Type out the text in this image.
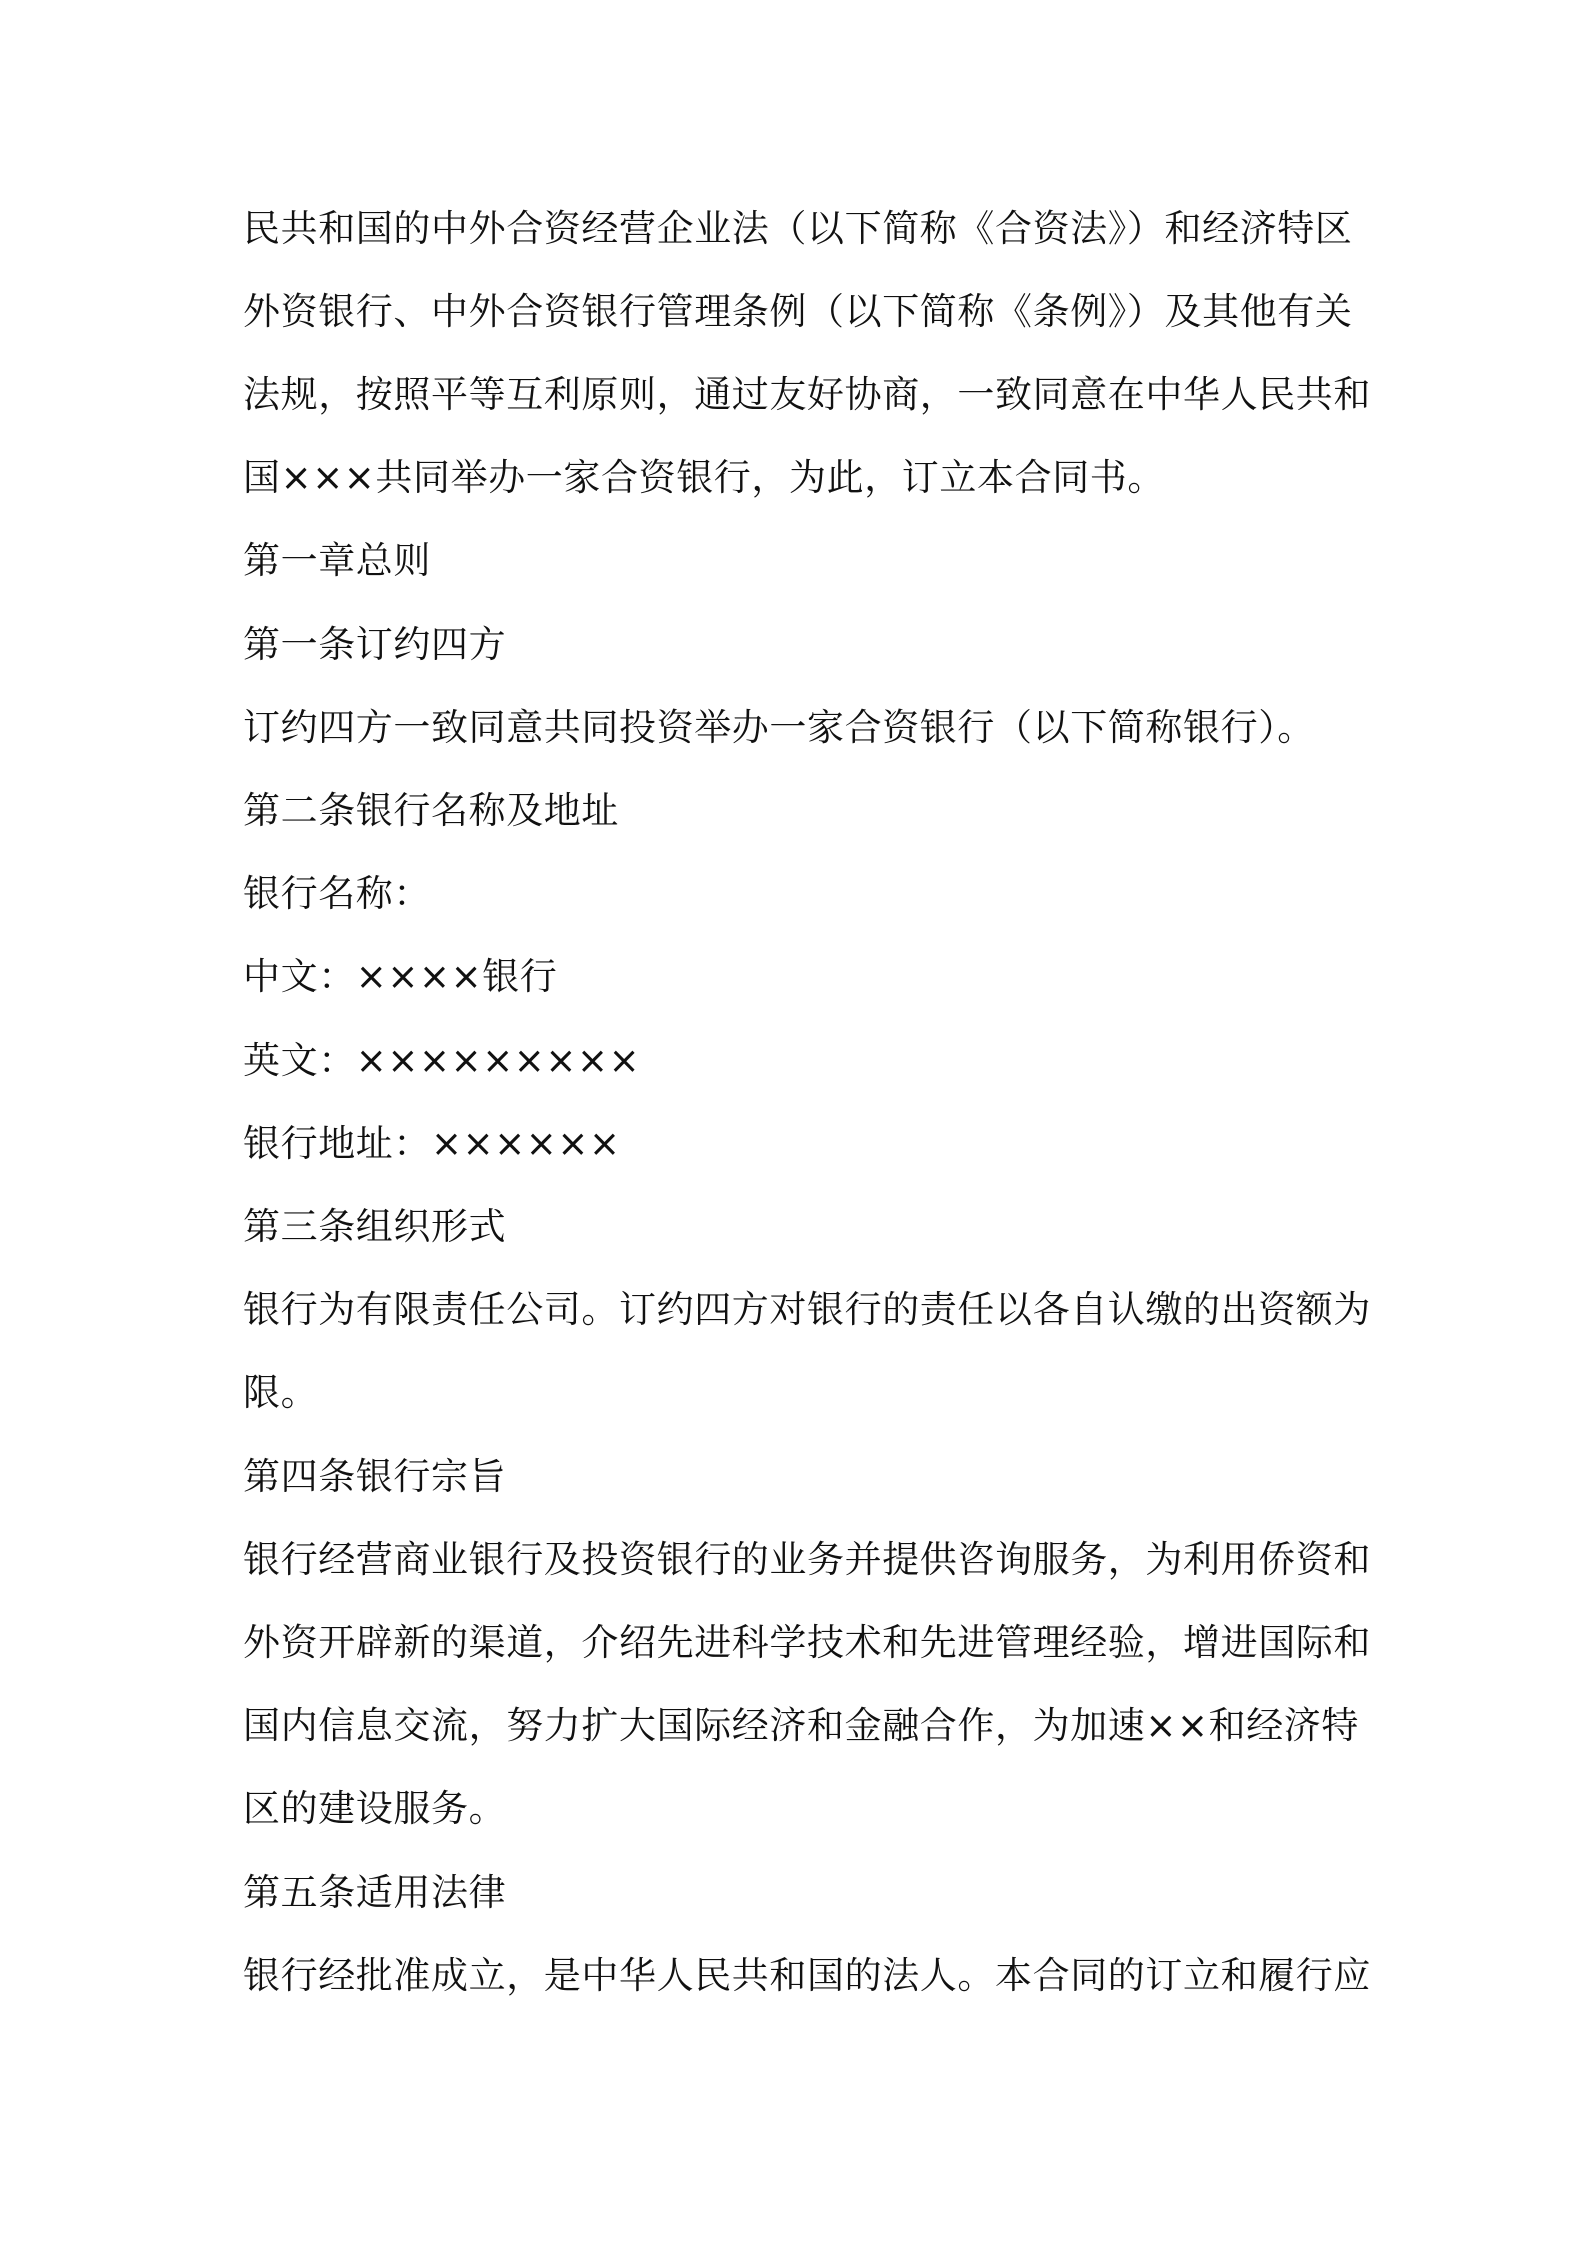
民共和国的中外合资经营企业法（以下简称《合资法》）和经济特区

外资银行、中外合资银行管理条例（以下简称《条例》）及其他有关

法规，按照平等互利原则，通过友好协商，一致同意在中华人民共和

国×××共同举办一家合资银行，为此，订立本合同书。

第一章总则

第一条订约四方

订约四方一致同意共同投资举办一家合资银行（以下简称银行）。

第二条银行名称及地址

银行名称：

中文：××××银行

英文：×××××××××

银行地址：××××××

第三条组织形式

银行为有限责任公司。订约四方对银行的责任以各自认缴的出资额为

限。

第四条银行宗旨

银行经营商业银行及投资银行的业务并提供咨询服务，为利用侨资和

外资开辟新的渠道，介绍先进科学技术和先进管理经验，增进国际和

国内信息交流，努力扩大国际经济和金融合作，为加速××和经济特

区的建设服务。

第五条适用法律

银行经批准成立，是中华人民共和国的法人。本合同的订立和履行应
